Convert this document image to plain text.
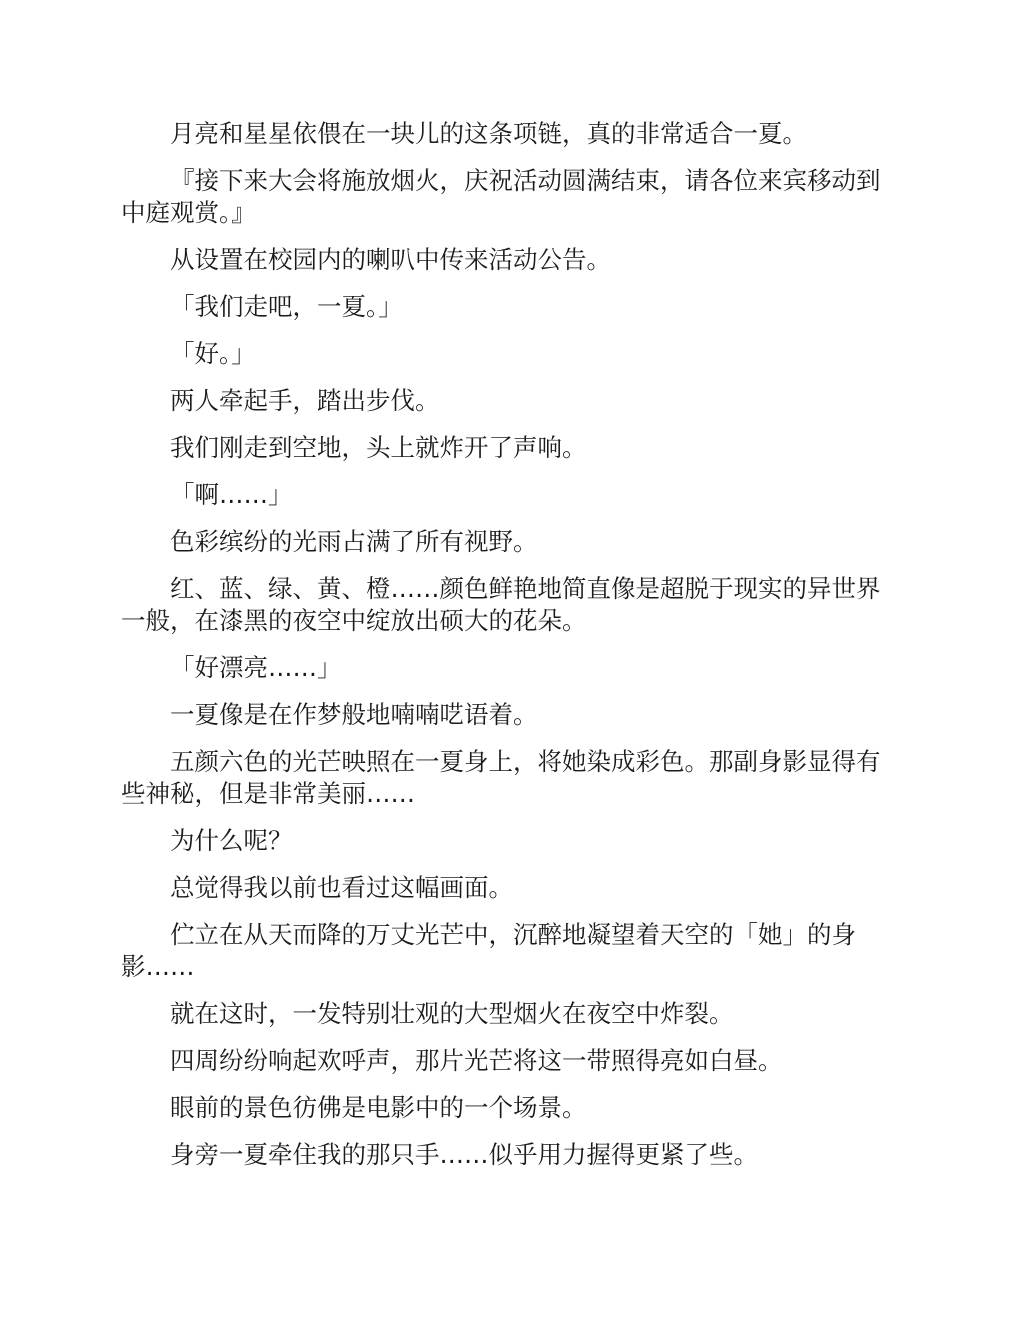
月亮和星星依偎在一块儿的这条项链，真的非常适合一夏。

『接下来大会将施放烟火，庆祝活动圆满结束，请各位来宾移动到中庭观赏。』

从设置在校园内的喇叭中传来活动公告。

「我们走吧，一夏。」

「好。」

两人牵起手，踏出步伐。

我们刚走到空地，头上就炸开了声响。

「啊……」

色彩缤纷的光雨占满了所有视野。

红、蓝、绿、黄、橙……颜色鲜艳地简直像是超脱于现实的异世界一般，在漆黑的夜空中绽放出硕大的花朵。

「好漂亮……」

一夏像是在作梦般地喃喃呓语着。

五颜六色的光芒映照在一夏身上，将她染成彩色。那副身影显得有些神秘，但是非常美丽……

为什么呢？

总觉得我以前也看过这幅画面。

伫立在从天而降的万丈光芒中，沉醉地凝望着天空的「她」的身影……

就在这时，一发特别壮观的大型烟火在夜空中炸裂。

四周纷纷响起欢呼声，那片光芒将这一带照得亮如白昼。

眼前的景色彷佛是电影中的一个场景。

身旁一夏牵住我的那只手……似乎用力握得更紧了些。
